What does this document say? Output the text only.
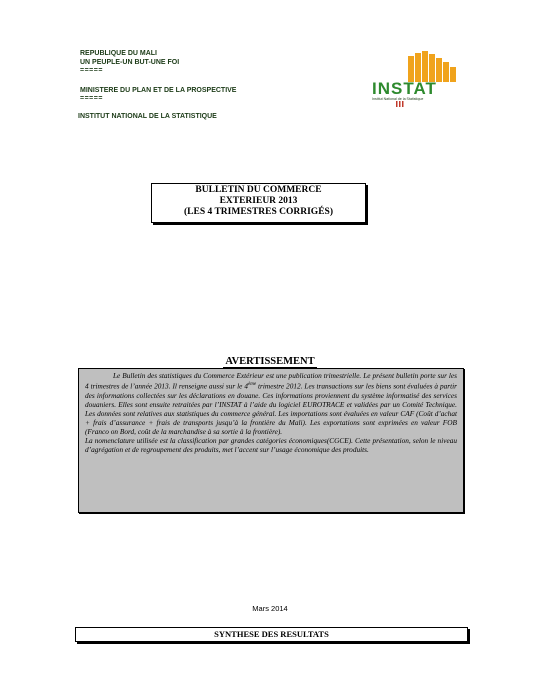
REPUBLIQUE DU MALI
UN PEUPLE-UN BUT-UNE FOI
=====
MINISTERE DU PLAN ET DE LA PROSPECTIVE
=====
INSTITUT NATIONAL DE LA STATISTIQUE
INSTAT
Institut National de la Statistique
BULLETIN DU COMMERCE
EXTERIEUR 2013
(LES 4 TRIMESTRES CORRIGÉS)
AVERTISSEMENT

Le Bulletin des statistiques du Commerce Extérieur est une publication trimestrielle. Le présent bulletin porte sur les 4 trimestres de l’année 2013. Il renseigne aussi sur le 4ème trimestre 2012. Les transactions sur les biens sont évaluées à partir des informations collectées sur les déclarations en douane. Ces informations proviennent du système informatisé des services douaniers. Elles sont ensuite retraitées par l’INSTAT à l’aide du logiciel EUROTRACE et validées par un Comité Technique. Les données sont relatives aux statistiques du commerce général. Les importations sont évaluées en valeur CAF (Coût d’achat + frais d’assurance + frais de transports jusqu’à la frontière du Mali). Les exportations sont exprimées en valeur FOB (Franco on Bord, coût de la marchandise à sa sortie à la frontière).

La nomenclature utilisée est la classification par grandes catégories économiques(CGCE). Cette présentation, selon le niveau d’agrégation et de regroupement des produits, met l’accent sur l’usage économique des produits.

Mars 2014
SYNTHESE DES RESULTATS
